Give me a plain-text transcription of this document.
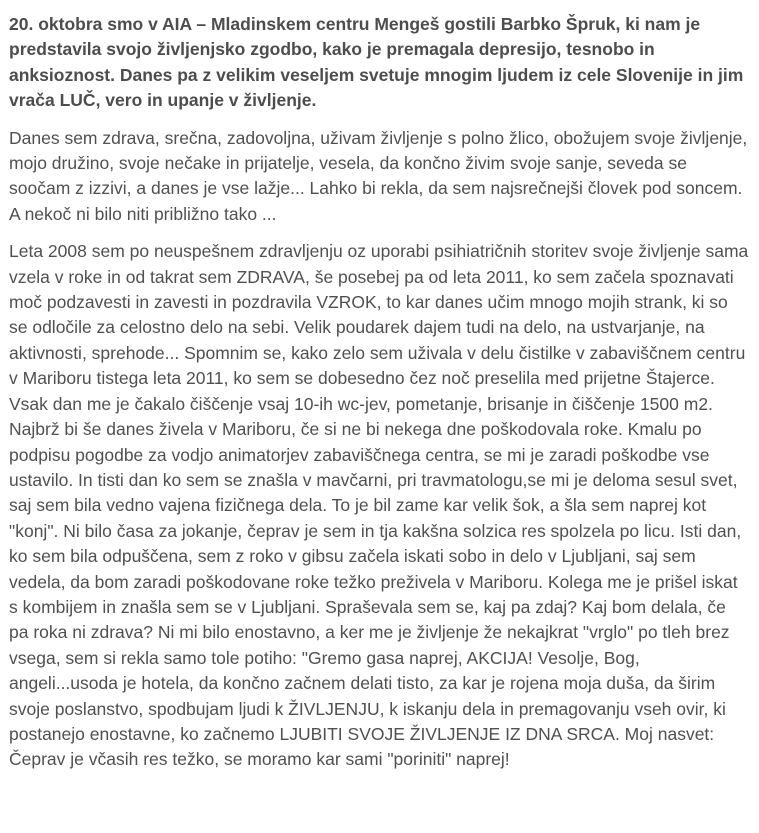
20. oktobra smo v AIA – Mladinskem centru Mengeš gostili Barbko Špruk, ki nam je predstavila svojo življenjsko zgodbo, kako je premagala depresijo, tesnobo in anksioznost. Danes pa z velikim veseljem svetuje mnogim ljudem iz cele Slovenije in jim vrača LUČ, vero in upanje v življenje.

Danes sem zdrava, srečna, zadovoljna, uživam življenje s polno žlico, obožujem svoje življenje, mojo družino, svoje nečake in prijatelje, vesela, da končno živim svoje sanje, seveda se soočam z izzivi, a danes je vse lažje... Lahko bi rekla, da sem najsrečnejši človek pod soncem. A nekoč ni bilo niti približno tako ...

Leta 2008 sem po neuspešnem zdravljenju oz uporabi psihiatričnih storitev svoje življenje sama vzela v roke in od takrat sem ZDRAVA, še posebej pa od leta 2011, ko sem začela spoznavati moč podzavesti in zavesti in pozdravila VZROK, to kar danes učim mnogo mojih strank, ki so se odločile za celostno delo na sebi. Velik poudarek dajem tudi na delo, na ustvarjanje, na aktivnosti, sprehode... Spomnim se, kako zelo sem uživala v delu čistilke v zabaviščnem centru v Mariboru tistega leta 2011, ko sem se dobesedno čez noč preselila med prijetne Štajerce. Vsak dan me je čakalo čiščenje vsaj 10-ih wc-jev, pometanje, brisanje in čiščenje 1500 m2. Najbrž bi še danes živela v Mariboru, če si ne bi nekega dne poškodovala roke. Kmalu po podpisu pogodbe za vodjo animatorjev zabaviščnega centra, se mi je zaradi poškodbe vse ustavilo. In tisti dan ko sem se znašla v mavčarni, pri travmatologu,se mi je deloma sesul svet, saj sem bila vedno vajena fizičnega dela. To je bil zame kar velik šok, a šla sem naprej kot "konj". Ni bilo časa za jokanje, čeprav je sem in tja kakšna solzica res spolzela po licu. Isti dan, ko sem bila odpuščena, sem z roko v gibsu začela iskati sobo in delo v Ljubljani, saj sem vedela, da bom zaradi poškodovane roke težko preživela v Mariboru. Kolega me je prišel iskat s kombijem in znašla sem se v Ljubljani. Spraševala sem se, kaj pa zdaj? Kaj bom delala, če pa roka ni zdrava? Ni mi bilo enostavno, a ker me je življenje že nekajkrat "vrglo" po tleh brez vsega, sem si rekla samo tole potiho: "Gremo gasa naprej, AKCIJA! Vesolje, Bog, angeli...usoda je hotela, da končno začnem delati tisto, za kar je rojena moja duša, da širim svoje poslanstvo, spodbujam ljudi k ŽIVLJENJU, k iskanju dela in premagovanju vseh ovir, ki postanejo enostavne, ko začnemo LJUBITI SVOJE ŽIVLJENJE IZ DNA SRCA. Moj nasvet: Čeprav je včasih res težko, se moramo kar sami "poriniti" naprej!
